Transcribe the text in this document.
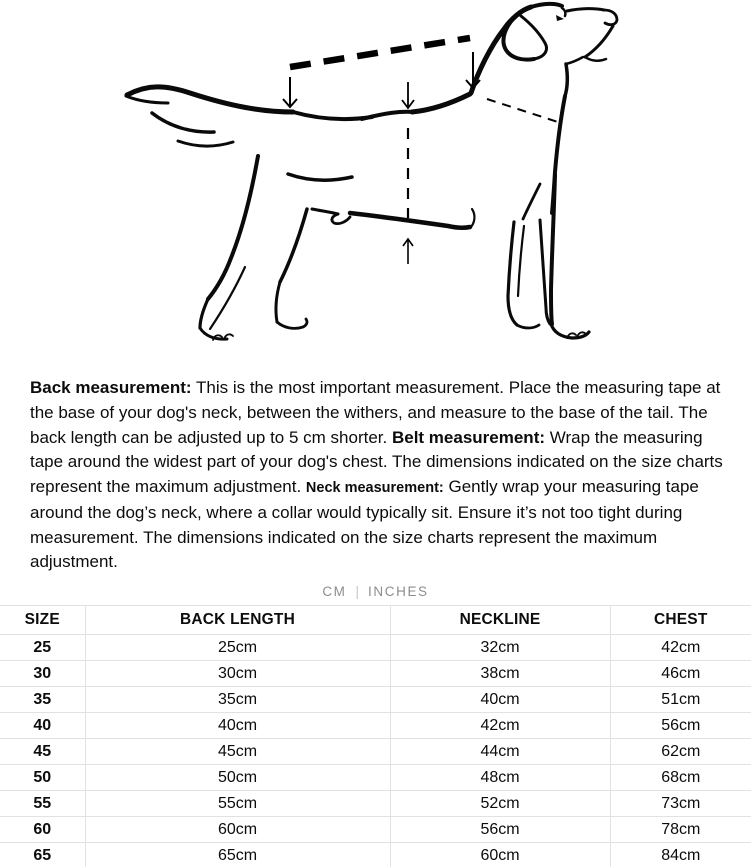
Back measurement: This is the most important measurement. Place the measuring tape at the base of your dog's neck, between the withers, and measure to the base of the tail. The back length can be adjusted up to 5 cm shorter. Belt measurement: Wrap the measuring tape around the widest part of your dog's chest. The dimensions indicated on the size charts represent the maximum adjustment. Neck measurement: Gently wrap your measuring tape around the dog’s neck, where a collar would typically sit. Ensure it’s not too tight during measurement. The dimensions indicated on the size charts represent the maximum adjustment.
CM | INCHES
SIZE	BACK LENGTH	NECKLINE	CHEST
25	25cm	32cm	42cm
30	30cm	38cm	46cm
35	35cm	40cm	51cm
40	40cm	42cm	56cm
45	45cm	44cm	62cm
50	50cm	48cm	68cm
55	55cm	52cm	73cm
60	60cm	56cm	78cm
65	65cm	60cm	84cm
